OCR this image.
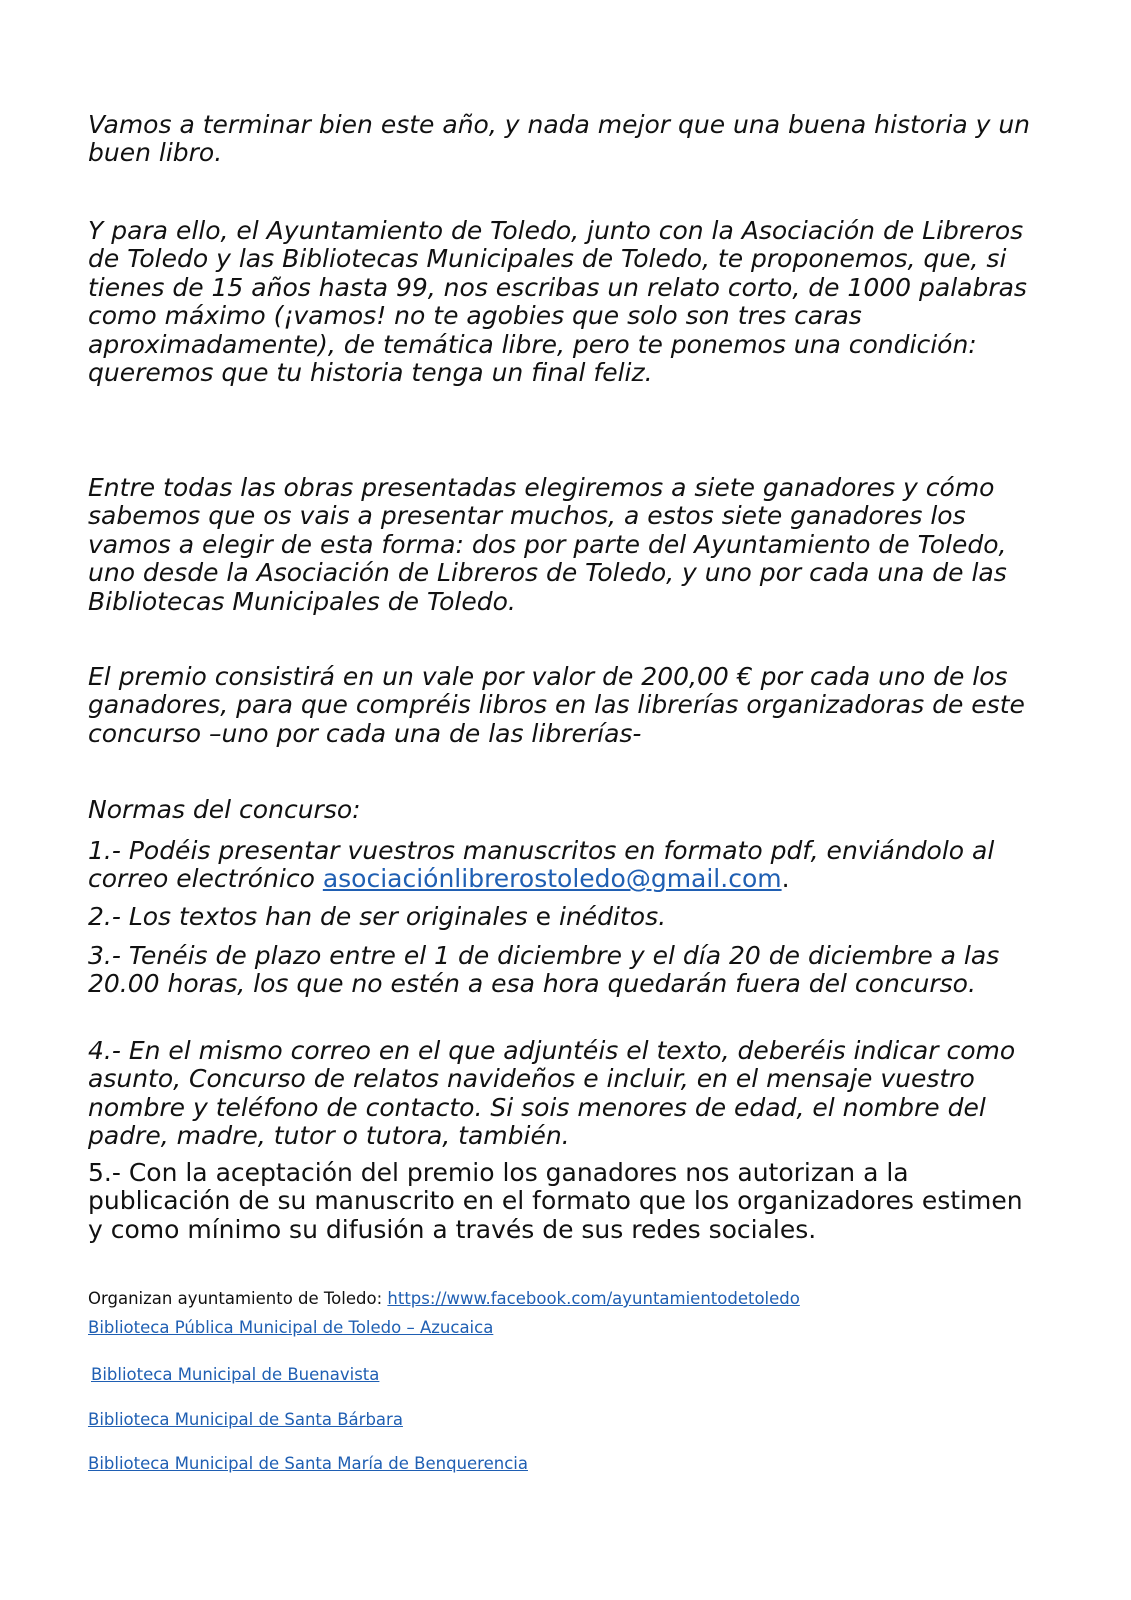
Vamos a terminar bien este año, y nada mejor que una buena historia y un buen libro.

Y para ello, el Ayuntamiento de Toledo, junto con la Asociación de Libreros de Toledo y las Bibliotecas Municipales de Toledo, te proponemos, que, si tienes de 15 años hasta 99, nos escribas un relato corto, de 1000 palabras como máximo (¡vamos! no te agobies que solo son tres caras aproximadamente), de temática libre, pero te ponemos una condición: queremos que tu historia tenga un final feliz.

Entre todas las obras presentadas elegiremos a siete ganadores y cómo sabemos que os vais a presentar muchos, a estos siete ganadores los vamos a elegir de esta forma: dos por parte del Ayuntamiento de Toledo, uno desde la Asociación de Libreros de Toledo, y uno por cada una de las Bibliotecas Municipales de Toledo.

El premio consistirá en un vale por valor de 200,00 € por cada uno de los ganadores, para que compréis libros en las librerías organizadoras de este concurso –uno por cada una de las librerías-

Normas del concurso:

1.- Podéis presentar vuestros manuscritos en formato pdf, enviándolo al correo electrónico asociaciónlibrerostoledo@gmail.com.

2.- Los textos han de ser originales e inéditos.

3.- Tenéis de plazo entre el 1 de diciembre y el día 20 de diciembre a las 20.00 horas, los que no estén a esa hora quedarán fuera del concurso.

4.- En el mismo correo en el que adjuntéis el texto, deberéis indicar como asunto, Concurso de relatos navideños e incluir, en el mensaje vuestro nombre y teléfono de contacto. Si sois menores de edad, el nombre del padre, madre, tutor o tutora, también.

5.- Con la aceptación del premio los ganadores nos autorizan a la publicación de su manuscrito en el formato que los organizadores estimen y como mínimo su difusión a través de sus redes sociales.

Organizan ayuntamiento de Toledo: https://www.facebook.com/ayuntamientodetoledo

Biblioteca Pública Municipal de Toledo – Azucaica

Biblioteca Municipal de Buenavista

Biblioteca Municipal de Santa Bárbara

Biblioteca Municipal de Santa María de Benquerencia
